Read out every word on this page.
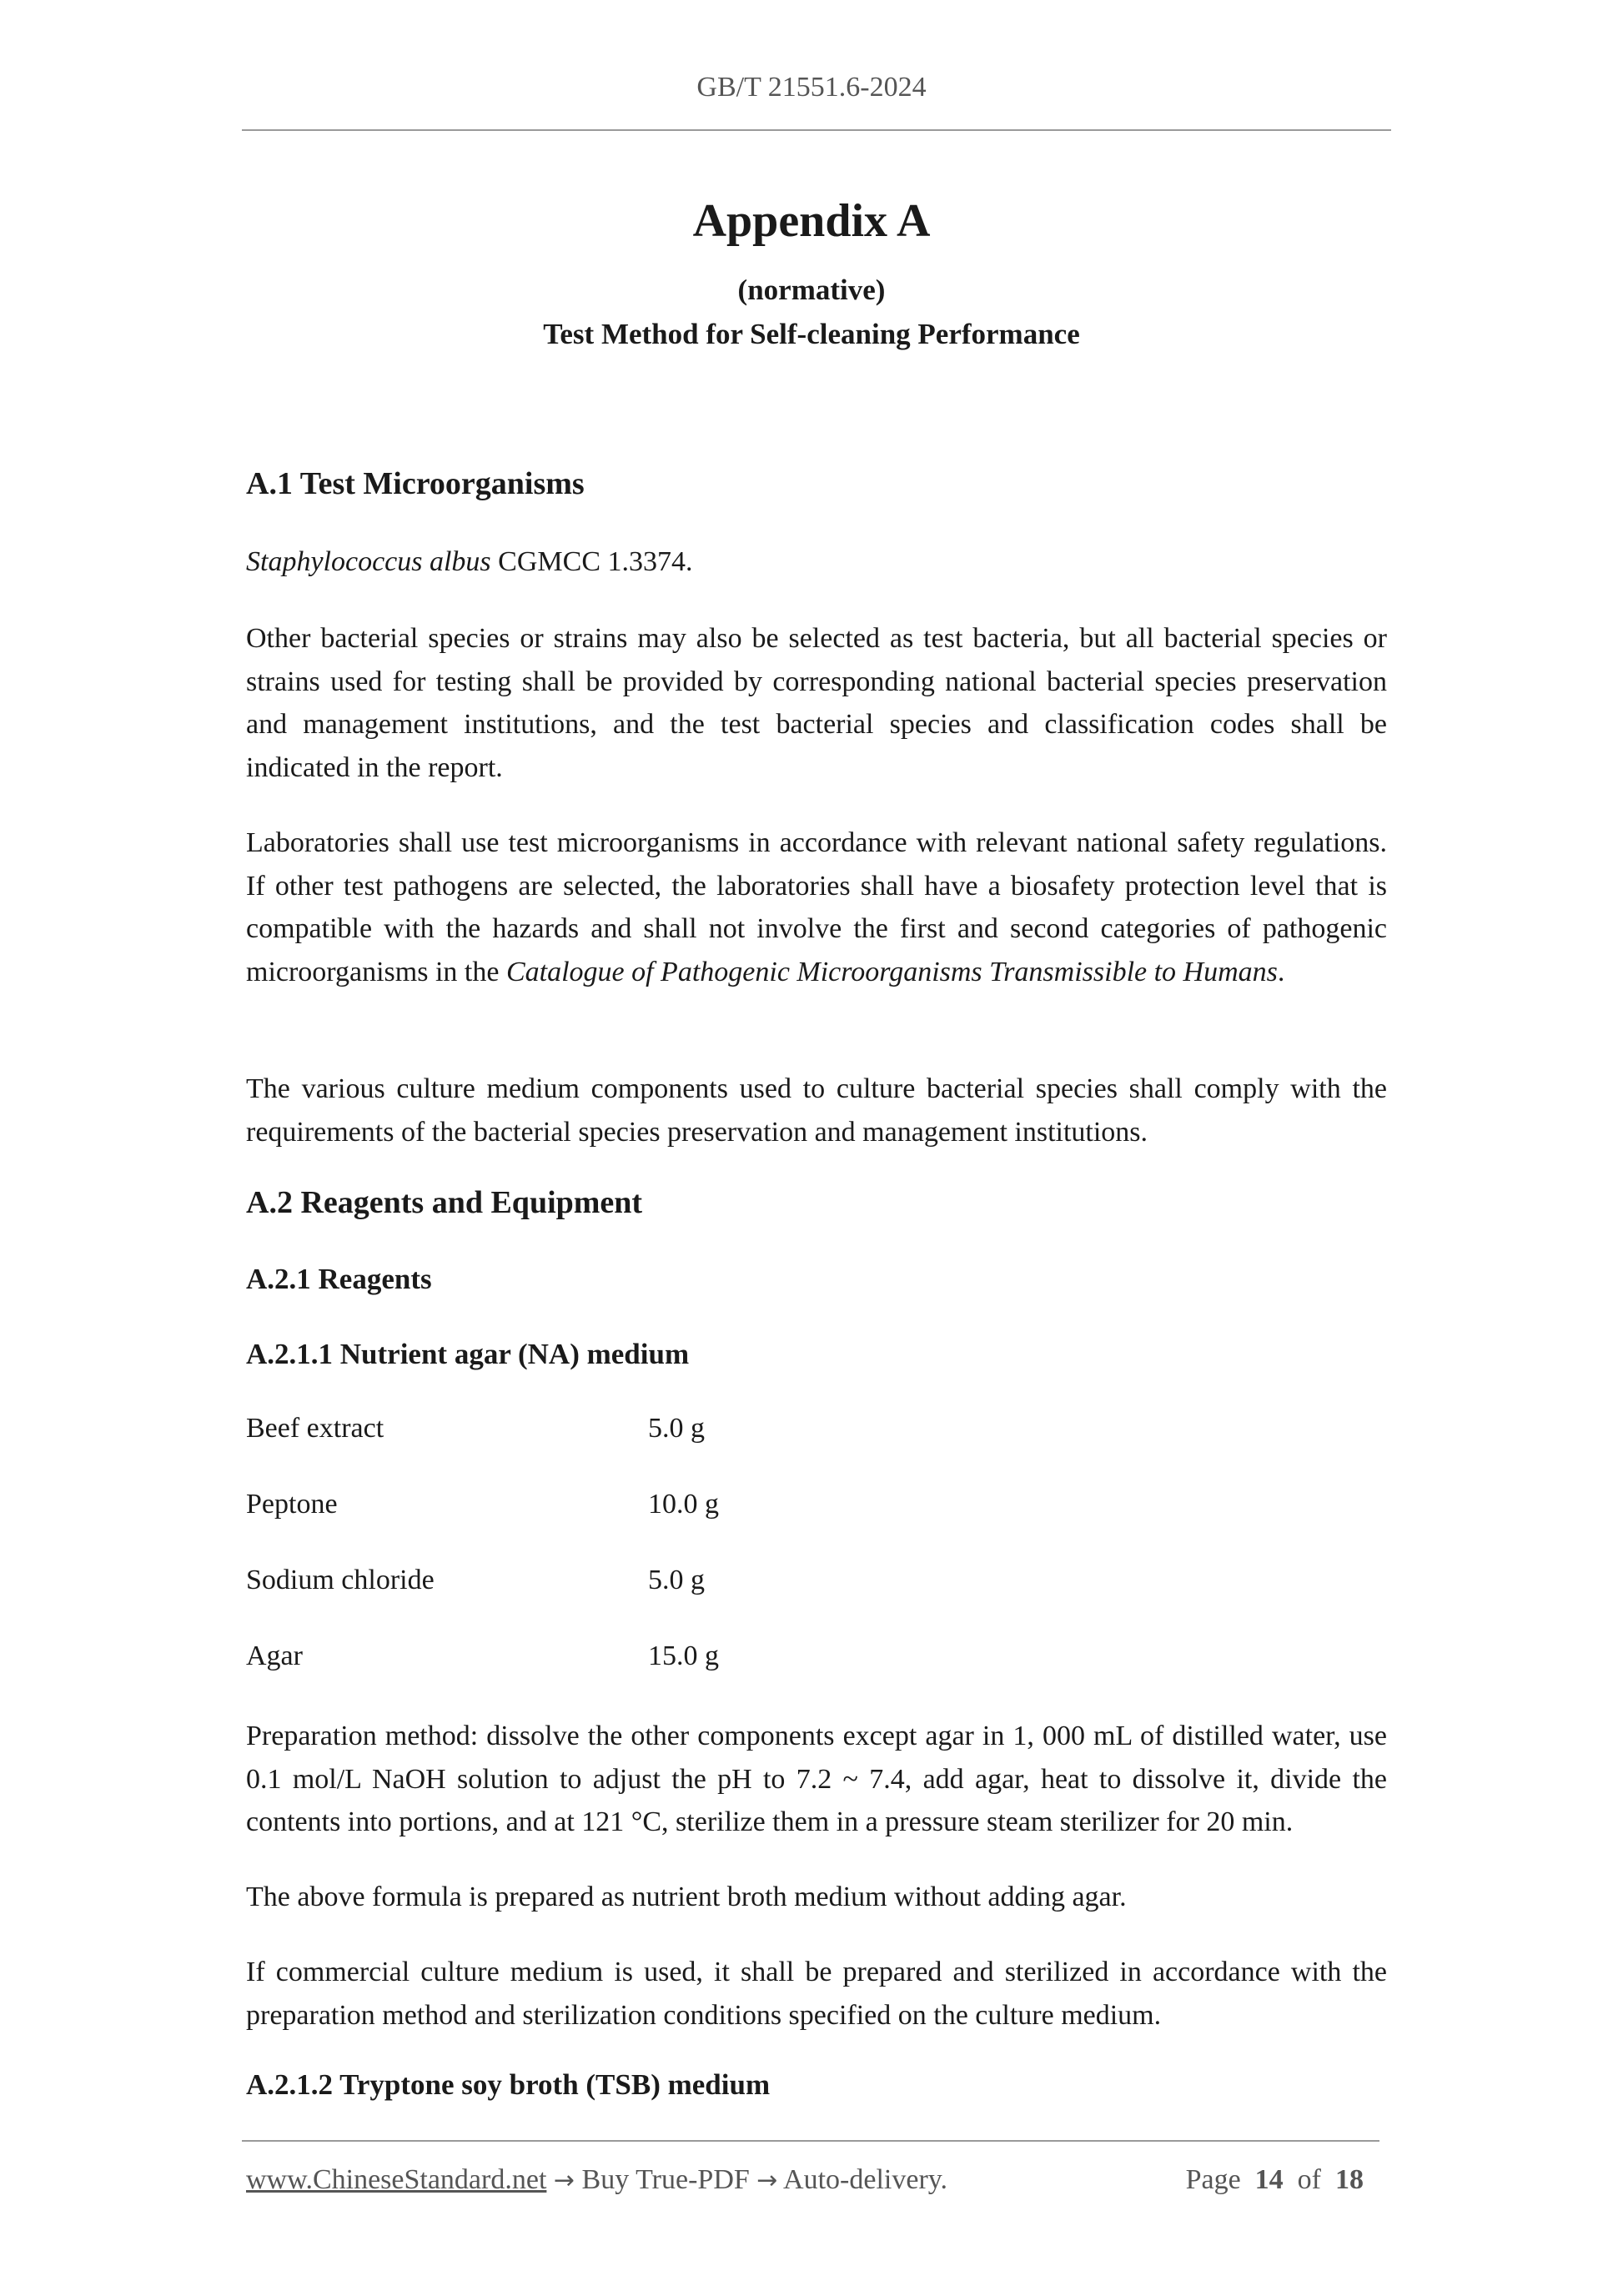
GB/T 21551.6-2024
Appendix A
(normative)
Test Method for Self-cleaning Performance
A.1 Test Microorganisms
Staphylococcus albus CGMCC 1.3374.
Other bacterial species or strains may also be selected as test bacteria, but all bacterial species or strains used for testing shall be provided by corresponding national bacterial species preservation and management institutions, and the test bacterial species and classification codes shall be indicated in the report.
Laboratories shall use test microorganisms in accordance with relevant national safety regulations. If other test pathogens are selected, the laboratories shall have a biosafety protection level that is compatible with the hazards and shall not involve the first and second categories of pathogenic microorganisms in the Catalogue of Pathogenic Microorganisms Transmissible to Humans.
The various culture medium components used to culture bacterial species shall comply with the requirements of the bacterial species preservation and management institutions.
A.2 Reagents and Equipment
A.2.1 Reagents
A.2.1.1 Nutrient agar (NA) medium
Beef extract	5.0 g
Peptone	10.0 g
Sodium chloride	5.0 g
Agar	15.0 g
Preparation method: dissolve the other components except agar in 1, 000 mL of distilled water, use 0.1 mol/L NaOH solution to adjust the pH to 7.2 ~ 7.4, add agar, heat to dissolve it, divide the contents into portions, and at 121 °C, sterilize them in a pressure steam sterilizer for 20 min.
The above formula is prepared as nutrient broth medium without adding agar.
If commercial culture medium is used, it shall be prepared and sterilized in accordance with the preparation method and sterilization conditions specified on the culture medium.
A.2.1.2 Tryptone soy broth (TSB) medium
www.ChineseStandard.net → Buy True-PDF → Auto-delivery.	Page 14 of 18
